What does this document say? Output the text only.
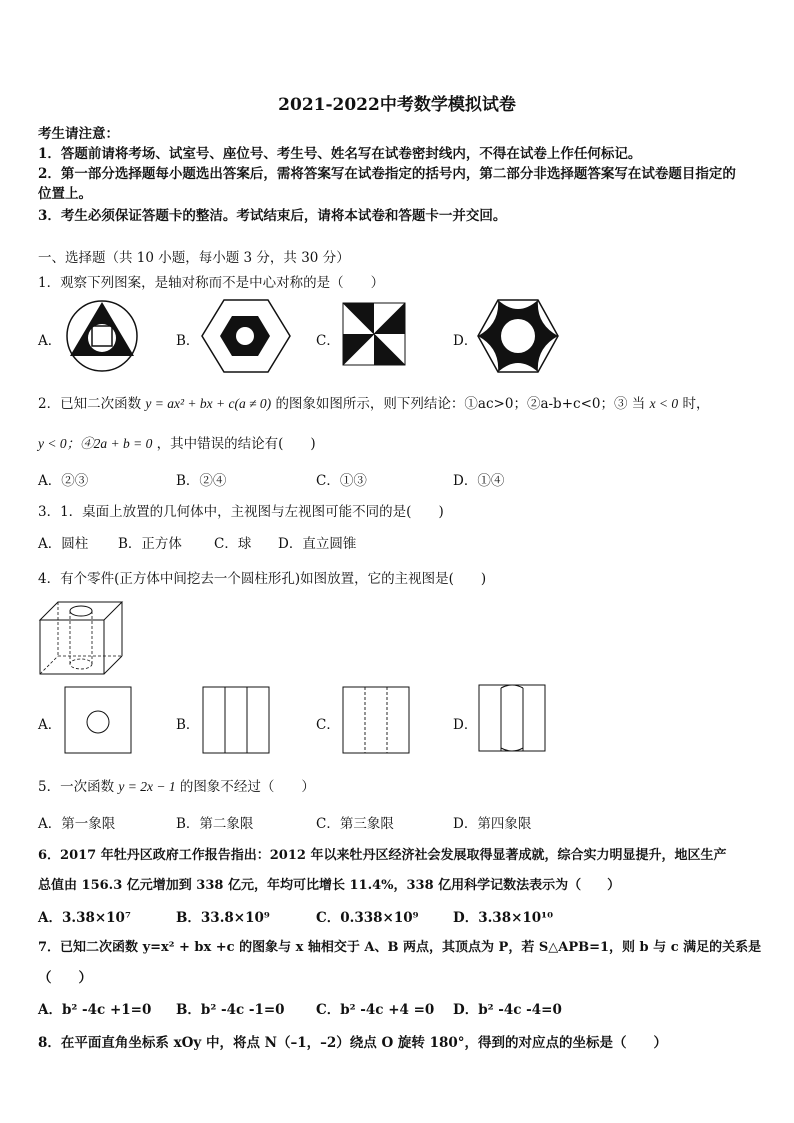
2021-2022中考数学模拟试卷
考生请注意：
1．答题前请将考场、试室号、座位号、考生号、姓名写在试卷密封线内，不得在试卷上作任何标记。
2．第一部分选择题每小题选出答案后，需将答案写在试卷指定的括号内，第二部分非选择题答案写在试卷题目指定的
位置上。
3．考生必须保证答题卡的整洁。考试结束后，请将本试卷和答题卡一并交回。
一、选择题（共 10 小题，每小题 3 分，共 30 分）
1．观察下列图案，是轴对称而不是中心对称的是（　　）
A．	B．	C．	D．
2．已知二次函数 y = ax² + bx + c(a ≠ 0) 的图象如图所示，则下列结论：①ac>0；②a-b+c<0；③ 当 x < 0 时，
y < 0；④2a + b = 0 ，其中错误的结论有(　　)
A．②③	B．②④	C．①③	D．①④
3．1．桌面上放置的几何体中，主视图与左视图可能不同的是(　　)
A．圆柱 B．正方体 C．球 D．直立圆锥
4．有个零件(正方体中间挖去一个圆柱形孔)如图放置，它的主视图是(　　)
A．	B．	C．	D．
5．一次函数 y = 2x − 1 的图象不经过（　　）
A．第一象限	B．第二象限	C．第三象限	D．第四象限
6．2017 年牡丹区政府工作报告指出：2012 年以来牡丹区经济社会发展取得显著成就，综合实力明显提升，地区生产
总值由 156.3 亿元增加到 338 亿元，年均可比增长 11.4%，338 亿用科学记数法表示为（　　）
A．3.38×10⁷	B．33.8×10⁹	C．0.338×10⁹	D．3.38×10¹⁰
7．已知二次函数 y=x² + bx +c 的图象与 x 轴相交于 A、B 两点，其顶点为 P，若 S△APB=1，则 b 与 c 满足的关系是
（　　）
A．b² -4c +1=0 B．b² -4c -1=0 C．b² -4c +4 =0 D．b² -4c -4=0
8．在平面直角坐标系 xOy 中，将点 N（–1，–2）绕点 O 旋转 180°，得到的对应点的坐标是（　　）
